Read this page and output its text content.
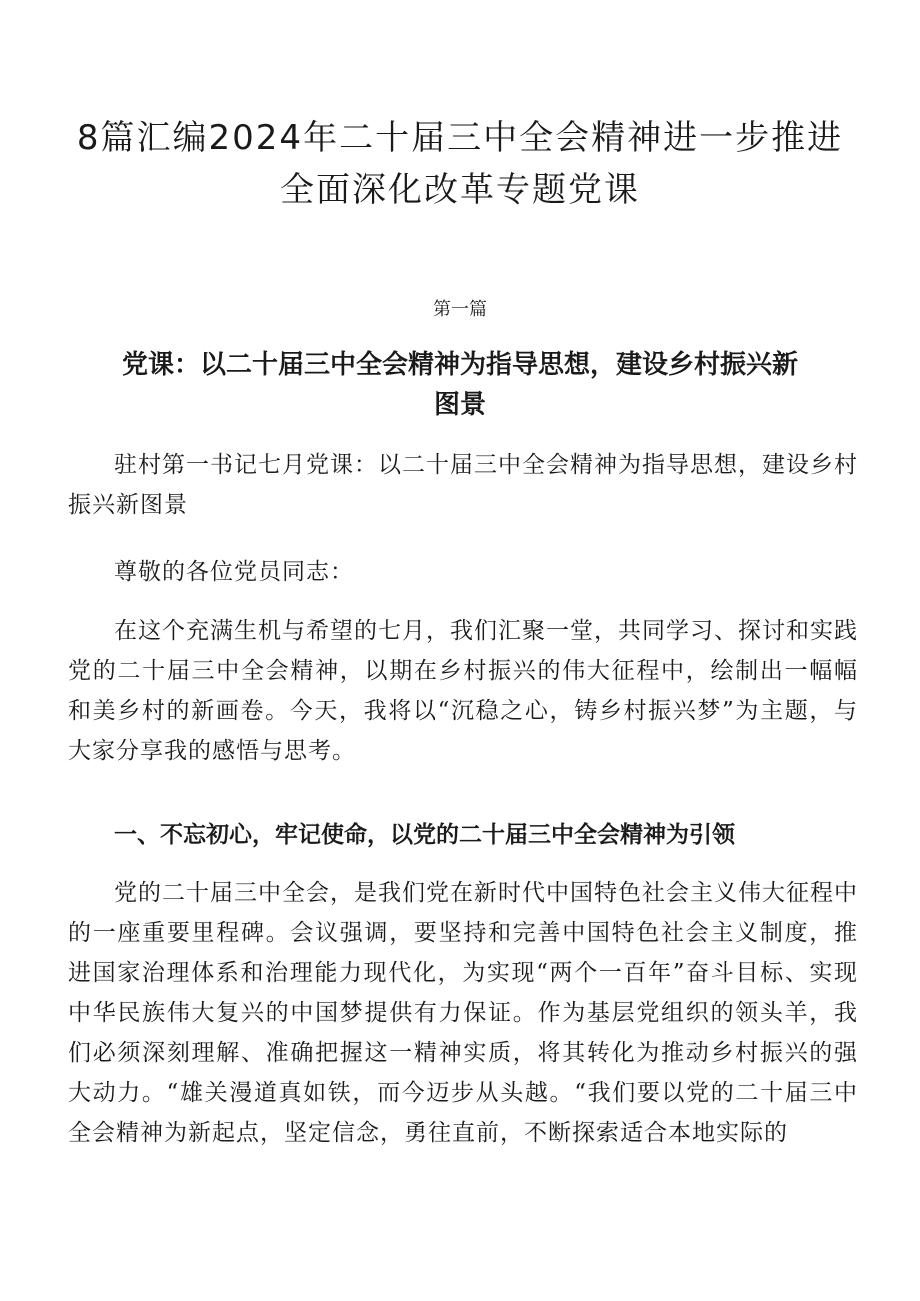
8篇汇编2024年二十届三中全会精神进一步推进全面深化改革专题党课
第一篇
党课：以二十届三中全会精神为指导思想，建设乡村振兴新图景

驻村第一书记七月党课：以二十届三中全会精神为指导思想，建设乡村振兴新图景

尊敬的各位党员同志：

在这个充满生机与希望的七月，我们汇聚一堂，共同学习、探讨和实践党的二十届三中全会精神，以期在乡村振兴的伟大征程中，绘制出一幅幅和美乡村的新画卷。今天，我将以“沉稳之心，铸乡村振兴梦”为主题，与大家分享我的感悟与思考。

一、不忘初心，牢记使命，以党的二十届三中全会精神为引领

党的二十届三中全会，是我们党在新时代中国特色社会主义伟大征程中的一座重要里程碑。会议强调，要坚持和完善中国特色社会主义制度，推进国家治理体系和治理能力现代化，为实现“两个一百年”奋斗目标、实现中华民族伟大复兴的中国梦提供有力保证。作为基层党组织的领头羊，我们必须深刻理解、准确把握这一精神实质，将其转化为推动乡村振兴的强大动力。“雄关漫道真如铁，而今迈步从头越。“我们要以党的二十届三中全会精神为新起点，坚定信念，勇往直前，不断探索适合本地实际的
